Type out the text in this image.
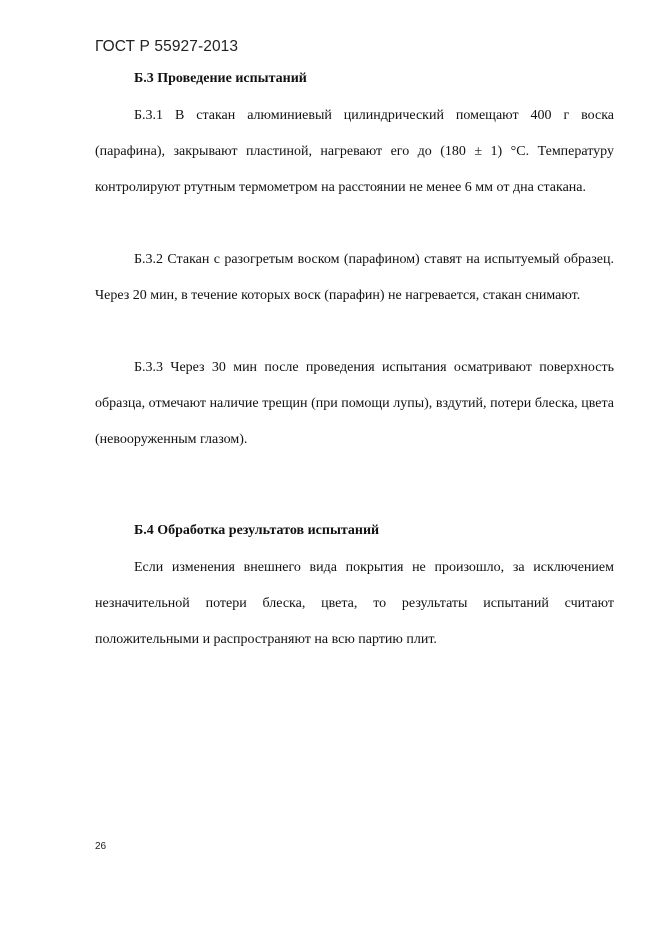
ГОСТ Р 55927-2013
Б.3 Проведение испытаний

Б.3.1 В стакан алюминиевый цилиндрический помещают 400 г воска (парафина), закрывают пластиной, нагревают его до (180 ± 1) °С. Температуру контролируют ртутным термометром на расстоянии не менее 6 мм от дна стакана.

Б.3.2 Стакан с разогретым воском (парафином) ставят на испытуемый образец. Через 20 мин, в течение которых воск (парафин) не нагревается, стакан снимают.

Б.3.3 Через 30 мин после проведения испытания осматривают поверхность образца, отмечают наличие трещин (при помощи лупы), вздутий, потери блеска, цвета (невооруженным глазом).

Б.4 Обработка результатов испытаний

Если изменения внешнего вида покрытия не произошло, за исключением незначительной потери блеска, цвета, то результаты испытаний считают положительными и распространяют на всю партию плит.

26
